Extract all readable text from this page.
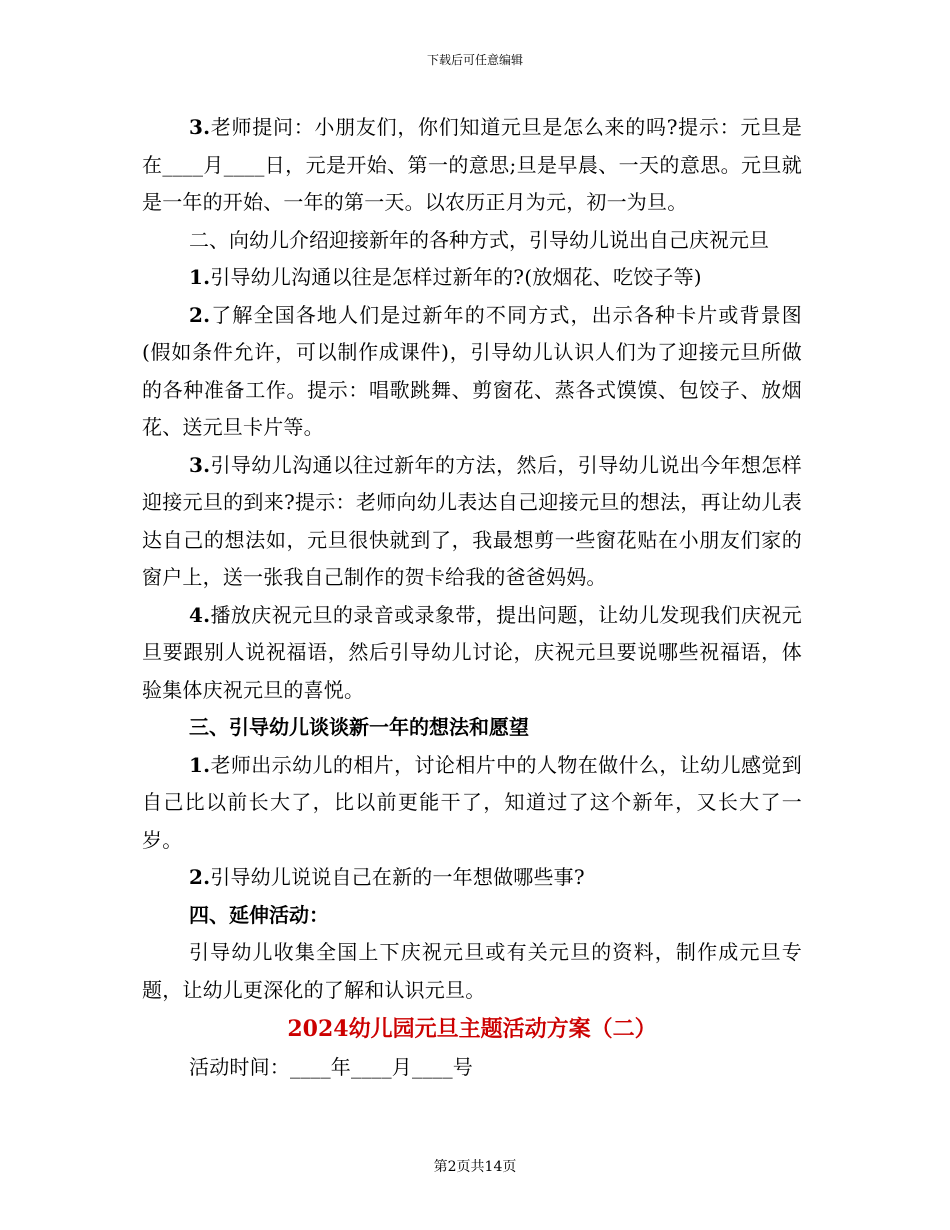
下载后可任意编辑

3.老师提问：小朋友们，你们知道元旦是怎么来的吗?提示：元旦是在____月____日，元是开始、第一的意思;旦是早晨、一天的意思。元旦就是一年的开始、一年的第一天。以农历正月为元，初一为旦。

二、向幼儿介绍迎接新年的各种方式，引导幼儿说出自己庆祝元旦

1.引导幼儿沟通以往是怎样过新年的?(放烟花、吃饺子等)

2.了解全国各地人们是过新年的不同方式，出示各种卡片或背景图(假如条件允许，可以制作成课件)，引导幼儿认识人们为了迎接元旦所做的各种准备工作。提示：唱歌跳舞、剪窗花、蒸各式馍馍、包饺子、放烟花、送元旦卡片等。

3.引导幼儿沟通以往过新年的方法，然后，引导幼儿说出今年想怎样迎接元旦的到来?提示：老师向幼儿表达自己迎接元旦的想法，再让幼儿表达自己的想法如，元旦很快就到了，我最想剪一些窗花贴在小朋友们家的窗户上，送一张我自己制作的贺卡给我的爸爸妈妈。

4.播放庆祝元旦的录音或录象带，提出问题，让幼儿发现我们庆祝元旦要跟别人说祝福语，然后引导幼儿讨论，庆祝元旦要说哪些祝福语，体验集体庆祝元旦的喜悦。

三、引导幼儿谈谈新一年的想法和愿望

1.老师出示幼儿的相片，讨论相片中的人物在做什么，让幼儿感觉到自己比以前长大了，比以前更能干了，知道过了这个新年，又长大了一岁。

2.引导幼儿说说自己在新的一年想做哪些事?

四、延伸活动：

引导幼儿收集全国上下庆祝元旦或有关元旦的资料，制作成元旦专题，让幼儿更深化的了解和认识元旦。

2024幼儿园元旦主题活动方案（二）

活动时间：____年____月____号

第2页共14页
